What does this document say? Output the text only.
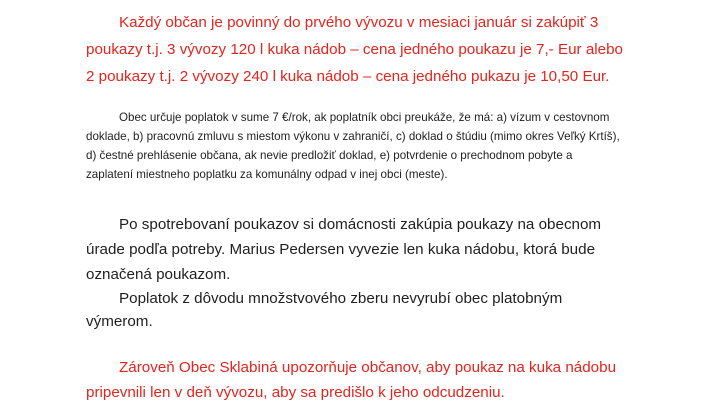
Každý občan je povinný do prvého vývozu v mesiaci január si zakúpiť 3

poukazy t.j. 3 vývozy 120 l kuka nádob – cena jedného poukazu je 7,- Eur alebo

2 poukazy t.j. 2 vývozy 240 l kuka nádob – cena jedného pukazu je 10,50 Eur.

Obec určuje poplatok v sume 7 €/rok, ak poplatník obci preukáže, že má: a) vízum v cestovnom

doklade, b) pracovnú zmluvu s miestom výkonu v zahraničí, c) doklad o štúdiu (mimo okres Veľký Krtíš),

d) čestné prehlásenie občana, ak nevie predložiť doklad, e) potvrdenie o prechodnom pobyte a

zaplatení miestneho poplatku za komunálny odpad v inej obci (meste).

Po spotrebovaní poukazov si domácnosti zakúpia poukazy na obecnom

úrade podľa potreby. Marius Pedersen vyvezie len kuka nádobu, ktorá bude

označená poukazom.

Poplatok z dôvodu množstvového zberu nevyrubí obec platobným

výmerom.

Zároveň Obec Sklabiná upozorňuje občanov, aby poukaz na kuka nádobu

pripevnili len v deň vývozu, aby sa predišlo k jeho odcudzeniu.
